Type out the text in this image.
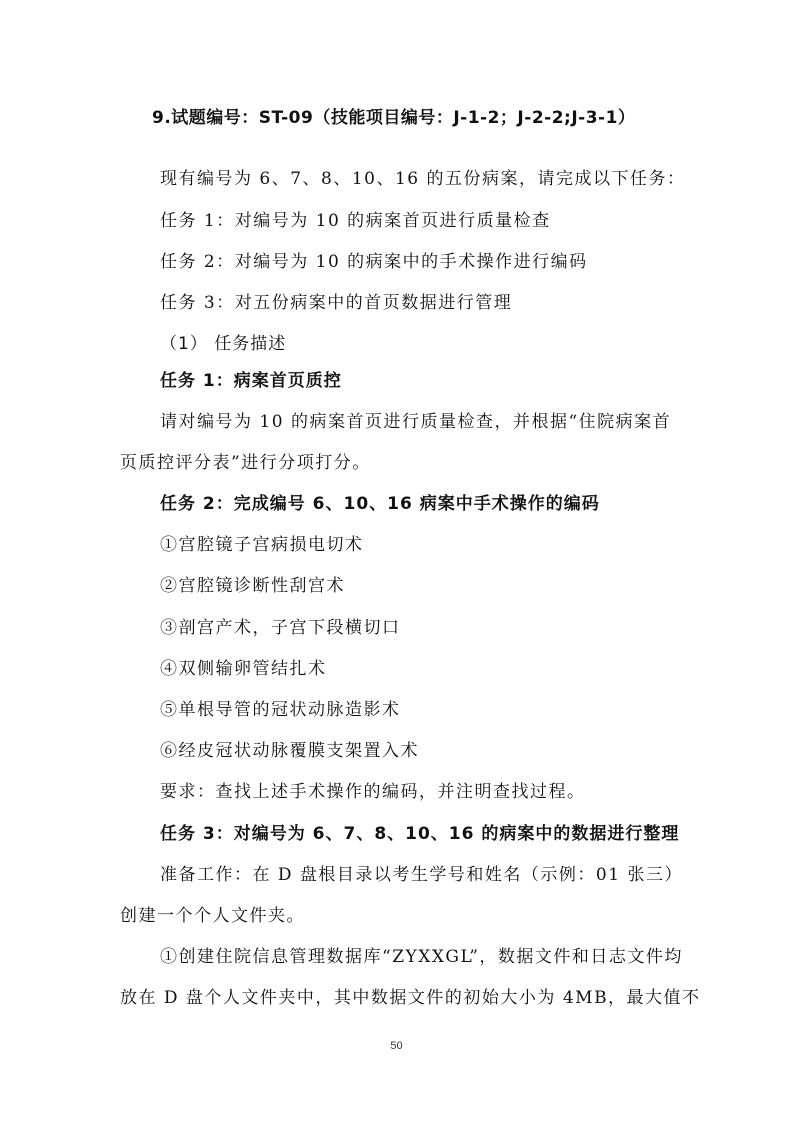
9.试题编号：ST-09（技能项目编号：J-1-2；J-2-2;J-3-1）
现有编号为 6、7、8、10、16 的五份病案，请完成以下任务：
任务 1：对编号为 10 的病案首页进行质量检查
任务 2：对编号为 10 的病案中的手术操作进行编码
任务 3：对五份病案中的首页数据进行管理
（1） 任务描述
任务 1：病案首页质控
请对编号为 10 的病案首页进行质量检查，并根据“住院病案首
页质控评分表”进行分项打分。
任务 2：完成编号 6、10、16 病案中手术操作的编码
①宫腔镜子宫病损电切术
②宫腔镜诊断性刮宫术
③剖宫产术，子宫下段横切口
④双侧输卵管结扎术
⑤单根导管的冠状动脉造影术
⑥经皮冠状动脉覆膜支架置入术
要求：查找上述手术操作的编码，并注明查找过程。
任务 3：对编号为 6、7、8、10、16 的病案中的数据进行整理
准备工作：在 D 盘根目录以考生学号和姓名（示例：01 张三）
创建一个个人文件夹。
①创建住院信息管理数据库“ZYXXGL”，数据文件和日志文件均
放在 D 盘个人文件夹中，其中数据文件的初始大小为 4MB，最大值不
50
